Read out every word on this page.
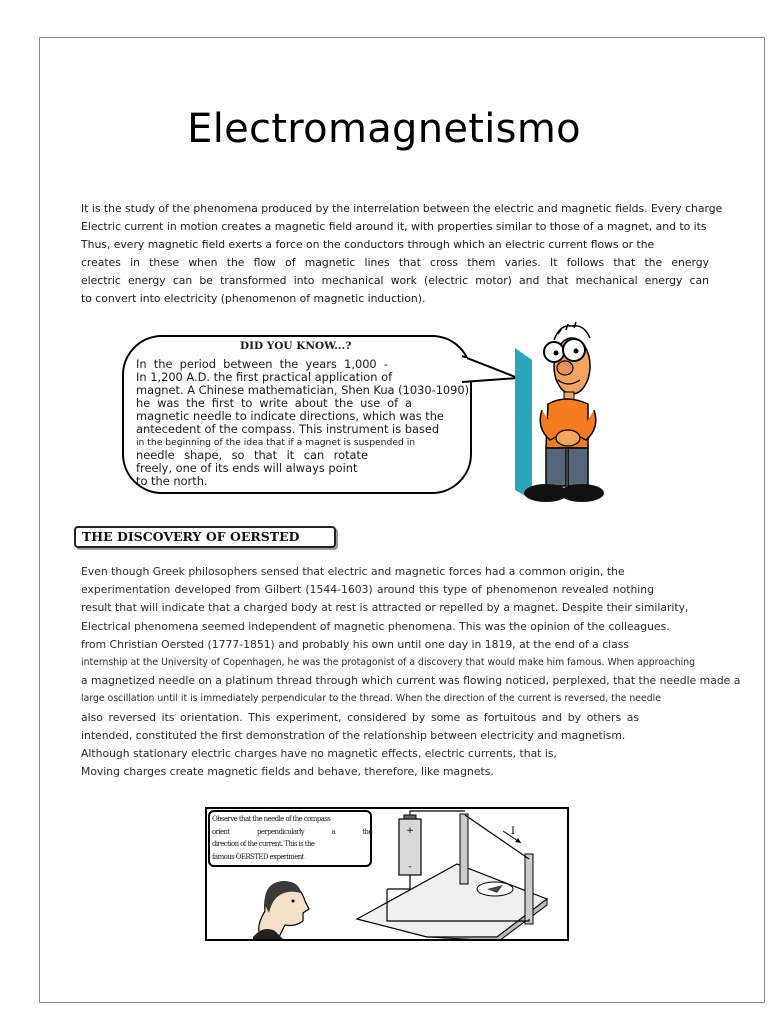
Electromagnetismo

It is the study of the phenomena produced by the interrelation between the electric and magnetic fields. Every charge

Electric current in motion creates a magnetic field around it, with properties similar to those of a magnet, and to its

Thus, every magnetic field exerts a force on the conductors through which an electric current flows or the

creates in these when the flow of magnetic lines that cross them varies. It follows that the energy

electric energy can be transformed into mechanical work (electric motor) and that mechanical energy can

to convert into electricity (phenomenon of magnetic induction).

DID YOU KNOW...?

In the period between the years 1,000 -

In 1,200 A.D. the first practical application of

magnet. A Chinese mathematician, Shen Kua (1030-1090)

he was the first to write about the use of a

magnetic needle to indicate directions, which was the

antecedent of the compass. This instrument is based

in the beginning of the idea that if a magnet is suspended in

needle shape, so that it can rotate

freely, one of its ends will always point

to the north.

THE DISCOVERY OF OERSTED

Even though Greek philosophers sensed that electric and magnetic forces had a common origin, the

experimentation developed from Gilbert (1544-1603) around this type of phenomenon revealed nothing

result that will indicate that a charged body at rest is attracted or repelled by a magnet. Despite their similarity,

Electrical phenomena seemed independent of magnetic phenomena. This was the opinion of the colleagues.

from Christian Oersted (1777-1851) and probably his own until one day in 1819, at the end of a class

internship at the University of Copenhagen, he was the protagonist of a discovery that would make him famous. When approaching

a magnetized needle on a platinum thread through which current was flowing noticed, perplexed, that the needle made a

large oscillation until it is immediately perpendicular to the thread. When the direction of the current is reversed, the needle

also reversed its orientation. This experiment, considered by some as fortuitous and by others as

intended, constituted the first demonstration of the relationship between electricity and magnetism.

Although stationary electric charges have no magnetic effects, electric currents, that is,

Moving charges create magnetic fields and behave, therefore, like magnets.

+
-
I

Observe that the needle of the compass

orient perpendicularly a the

direction of the current. This is the

famous OERSTED experiment
